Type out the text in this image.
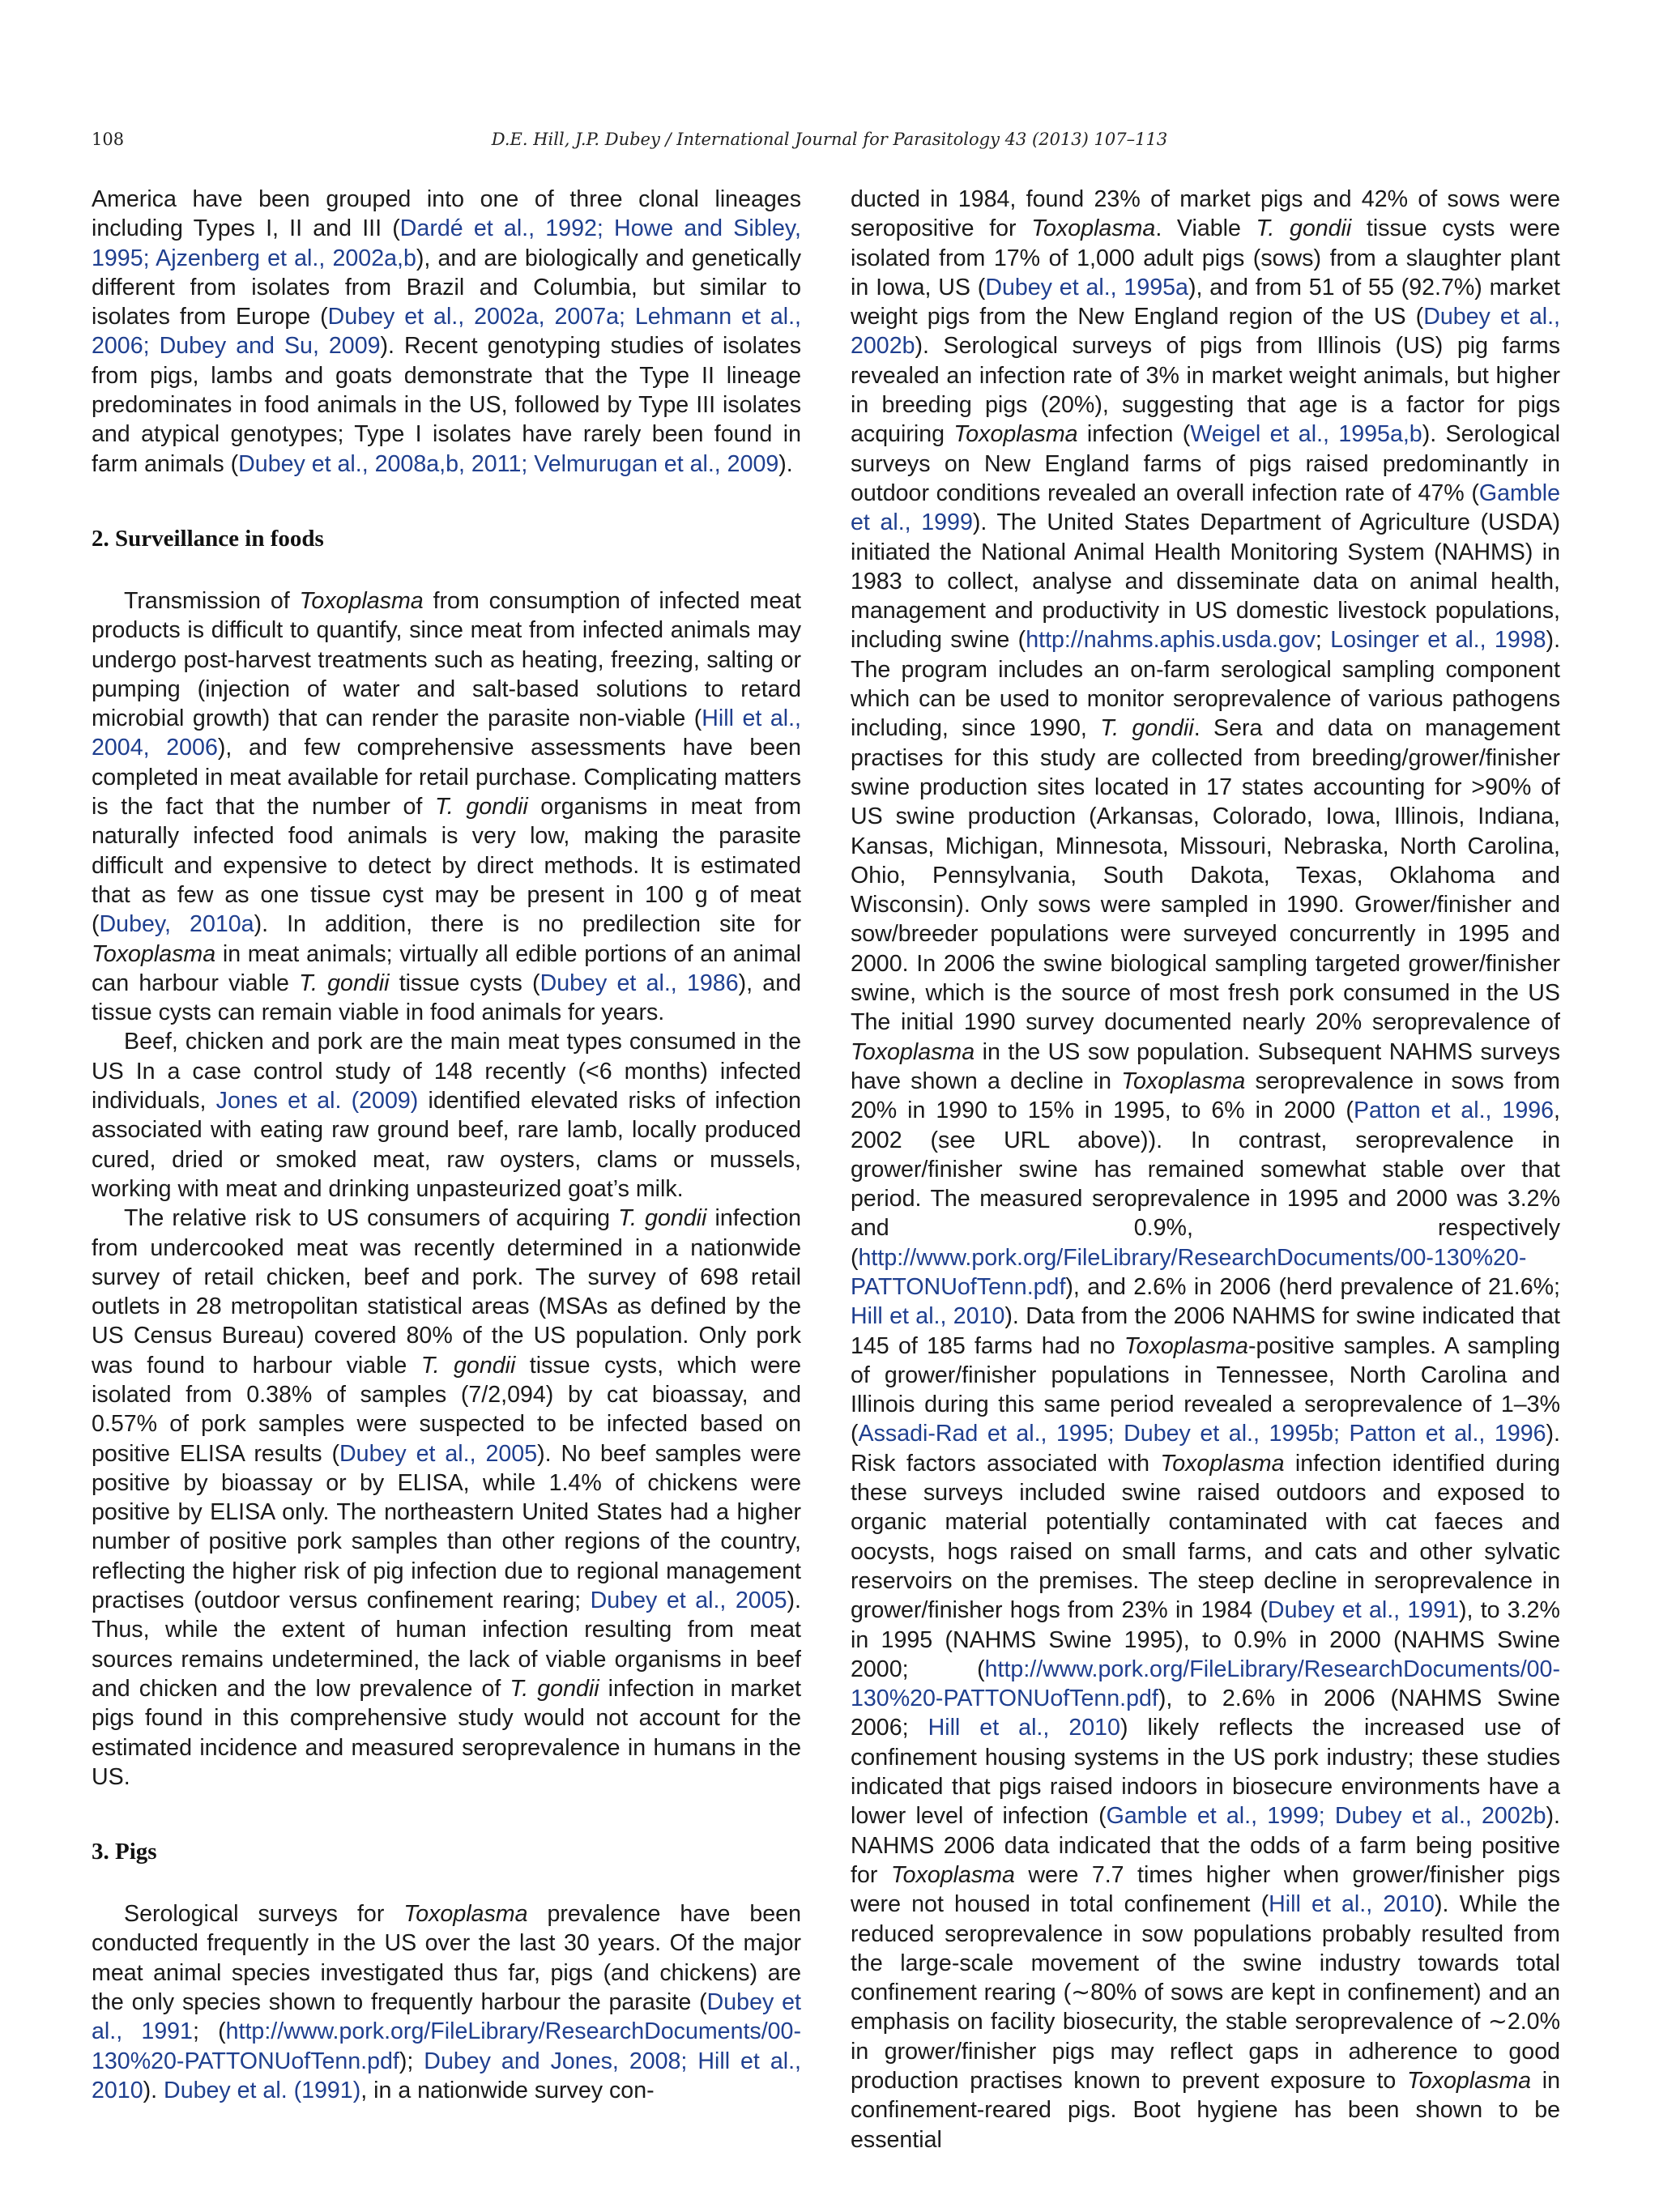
108	D.E. Hill, J.P. Dubey / International Journal for Parasitology 43 (2013) 107–113

America have been grouped into one of three clonal lineages including Types I, II and III (Dardé et al., 1992; Howe and Sibley, 1995; Ajzenberg et al., 2002a,b), and are biologically and genetically different from isolates from Brazil and Columbia, but similar to isolates from Europe (Dubey et al., 2002a, 2007a; Lehmann et al., 2006; Dubey and Su, 2009). Recent genotyping studies of isolates from pigs, lambs and goats demonstrate that the Type II lineage predominates in food animals in the US, followed by Type III isolates and atypical genotypes; Type I isolates have rarely been found in farm animals (Dubey et al., 2008a,b, 2011; Velmurugan et al., 2009).

2. Surveillance in foods

Transmission of Toxoplasma from consumption of infected meat products is difficult to quantify, since meat from infected animals may undergo post-harvest treatments such as heating, freezing, salting or pumping (injection of water and salt-based solutions to retard microbial growth) that can render the parasite non-viable (Hill et al., 2004, 2006), and few comprehensive assessments have been completed in meat available for retail purchase. Complicating matters is the fact that the number of T. gondii organisms in meat from naturally infected food animals is very low, making the parasite difficult and expensive to detect by direct methods. It is estimated that as few as one tissue cyst may be present in 100 g of meat (Dubey, 2010a). In addition, there is no predilection site for Toxoplasma in meat animals; virtually all edible portions of an animal can harbour viable T. gondii tissue cysts (Dubey et al., 1986), and tissue cysts can remain viable in food animals for years.

Beef, chicken and pork are the main meat types consumed in the US In a case control study of 148 recently (<6 months) infected individuals, Jones et al. (2009) identified elevated risks of infection associated with eating raw ground beef, rare lamb, locally produced cured, dried or smoked meat, raw oysters, clams or mussels, working with meat and drinking unpasteurized goat’s milk.

The relative risk to US consumers of acquiring T. gondii infection from undercooked meat was recently determined in a nationwide survey of retail chicken, beef and pork. The survey of 698 retail outlets in 28 metropolitan statistical areas (MSAs as defined by the US Census Bureau) covered 80% of the US population. Only pork was found to harbour viable T. gondii tissue cysts, which were isolated from 0.38% of samples (7/2,094) by cat bioassay, and 0.57% of pork samples were suspected to be infected based on positive ELISA results (Dubey et al., 2005). No beef samples were positive by bioassay or by ELISA, while 1.4% of chickens were positive by ELISA only. The northeastern United States had a higher number of positive pork samples than other regions of the country, reflecting the higher risk of pig infection due to regional management practises (outdoor versus confinement rearing; Dubey et al., 2005). Thus, while the extent of human infection resulting from meat sources remains undetermined, the lack of viable organisms in beef and chicken and the low prevalence of T. gondii infection in market pigs found in this comprehensive study would not account for the estimated incidence and measured seroprevalence in humans in the US.

3. Pigs

Serological surveys for Toxoplasma prevalence have been conducted frequently in the US over the last 30 years. Of the major meat animal species investigated thus far, pigs (and chickens) are the only species shown to frequently harbour the parasite (Dubey et al., 1991; (http://www.pork.org/FileLibrary/ResearchDocuments/00-130%20-PATTONUofTenn.pdf); Dubey and Jones, 2008; Hill et al., 2010). Dubey et al. (1991), in a nationwide survey con-

ducted in 1984, found 23% of market pigs and 42% of sows were seropositive for Toxoplasma. Viable T. gondii tissue cysts were isolated from 17% of 1,000 adult pigs (sows) from a slaughter plant in Iowa, US (Dubey et al., 1995a), and from 51 of 55 (92.7%) market weight pigs from the New England region of the US (Dubey et al., 2002b). Serological surveys of pigs from Illinois (US) pig farms revealed an infection rate of 3% in market weight animals, but higher in breeding pigs (20%), suggesting that age is a factor for pigs acquiring Toxoplasma infection (Weigel et al., 1995a,b). Serological surveys on New England farms of pigs raised predominantly in outdoor conditions revealed an overall infection rate of 47% (Gamble et al., 1999). The United States Department of Agriculture (USDA) initiated the National Animal Health Monitoring System (NAHMS) in 1983 to collect, analyse and disseminate data on animal health, management and productivity in US domestic livestock populations, including swine (http://nahms.aphis.usda.gov; Losinger et al., 1998). The program includes an on-farm serological sampling component which can be used to monitor seroprevalence of various pathogens including, since 1990, T. gondii. Sera and data on management practises for this study are collected from breeding/grower/finisher swine production sites located in 17 states accounting for >90% of US swine production (Arkansas, Colorado, Iowa, Illinois, Indiana, Kansas, Michigan, Minnesota, Missouri, Nebraska, North Carolina, Ohio, Pennsylvania, South Dakota, Texas, Oklahoma and Wisconsin). Only sows were sampled in 1990. Grower/finisher and sow/breeder populations were surveyed concurrently in 1995 and 2000. In 2006 the swine biological sampling targeted grower/finisher swine, which is the source of most fresh pork consumed in the US The initial 1990 survey documented nearly 20% seroprevalence of Toxoplasma in the US sow population. Subsequent NAHMS surveys have shown a decline in Toxoplasma seroprevalence in sows from 20% in 1990 to 15% in 1995, to 6% in 2000 (Patton et al., 1996, 2002 (see URL above)). In contrast, seroprevalence in grower/finisher swine has remained somewhat stable over that period. The measured seroprevalence in 1995 and 2000 was 3.2% and 0.9%, respectively (http://www.pork.org/FileLibrary/ResearchDocuments/00-130%20-PATTONUofTenn.pdf), and 2.6% in 2006 (herd prevalence of 21.6%; Hill et al., 2010). Data from the 2006 NAHMS for swine indicated that 145 of 185 farms had no Toxoplasma-positive samples. A sampling of grower/finisher populations in Tennessee, North Carolina and Illinois during this same period revealed a seroprevalence of 1–3% (Assadi-Rad et al., 1995; Dubey et al., 1995b; Patton et al., 1996). Risk factors associated with Toxoplasma infection identified during these surveys included swine raised outdoors and exposed to organic material potentially contaminated with cat faeces and oocysts, hogs raised on small farms, and cats and other sylvatic reservoirs on the premises. The steep decline in seroprevalence in grower/finisher hogs from 23% in 1984 (Dubey et al., 1991), to 3.2% in 1995 (NAHMS Swine 1995), to 0.9% in 2000 (NAHMS Swine 2000; (http://www.pork.org/FileLibrary/ResearchDocuments/00-130%20-PATTONUofTenn.pdf), to 2.6% in 2006 (NAHMS Swine 2006; Hill et al., 2010) likely reflects the increased use of confinement housing systems in the US pork industry; these studies indicated that pigs raised indoors in biosecure environments have a lower level of infection (Gamble et al., 1999; Dubey et al., 2002b). NAHMS 2006 data indicated that the odds of a farm being positive for Toxoplasma were 7.7 times higher when grower/finisher pigs were not housed in total confinement (Hill et al., 2010). While the reduced seroprevalence in sow populations probably resulted from the large-scale movement of the swine industry towards total confinement rearing (∼80% of sows are kept in confinement) and an emphasis on facility biosecurity, the stable seroprevalence of ∼2.0% in grower/finisher pigs may reflect gaps in adherence to good production practises known to prevent exposure to Toxoplasma in confinement-reared pigs. Boot hygiene has been shown to be essential
